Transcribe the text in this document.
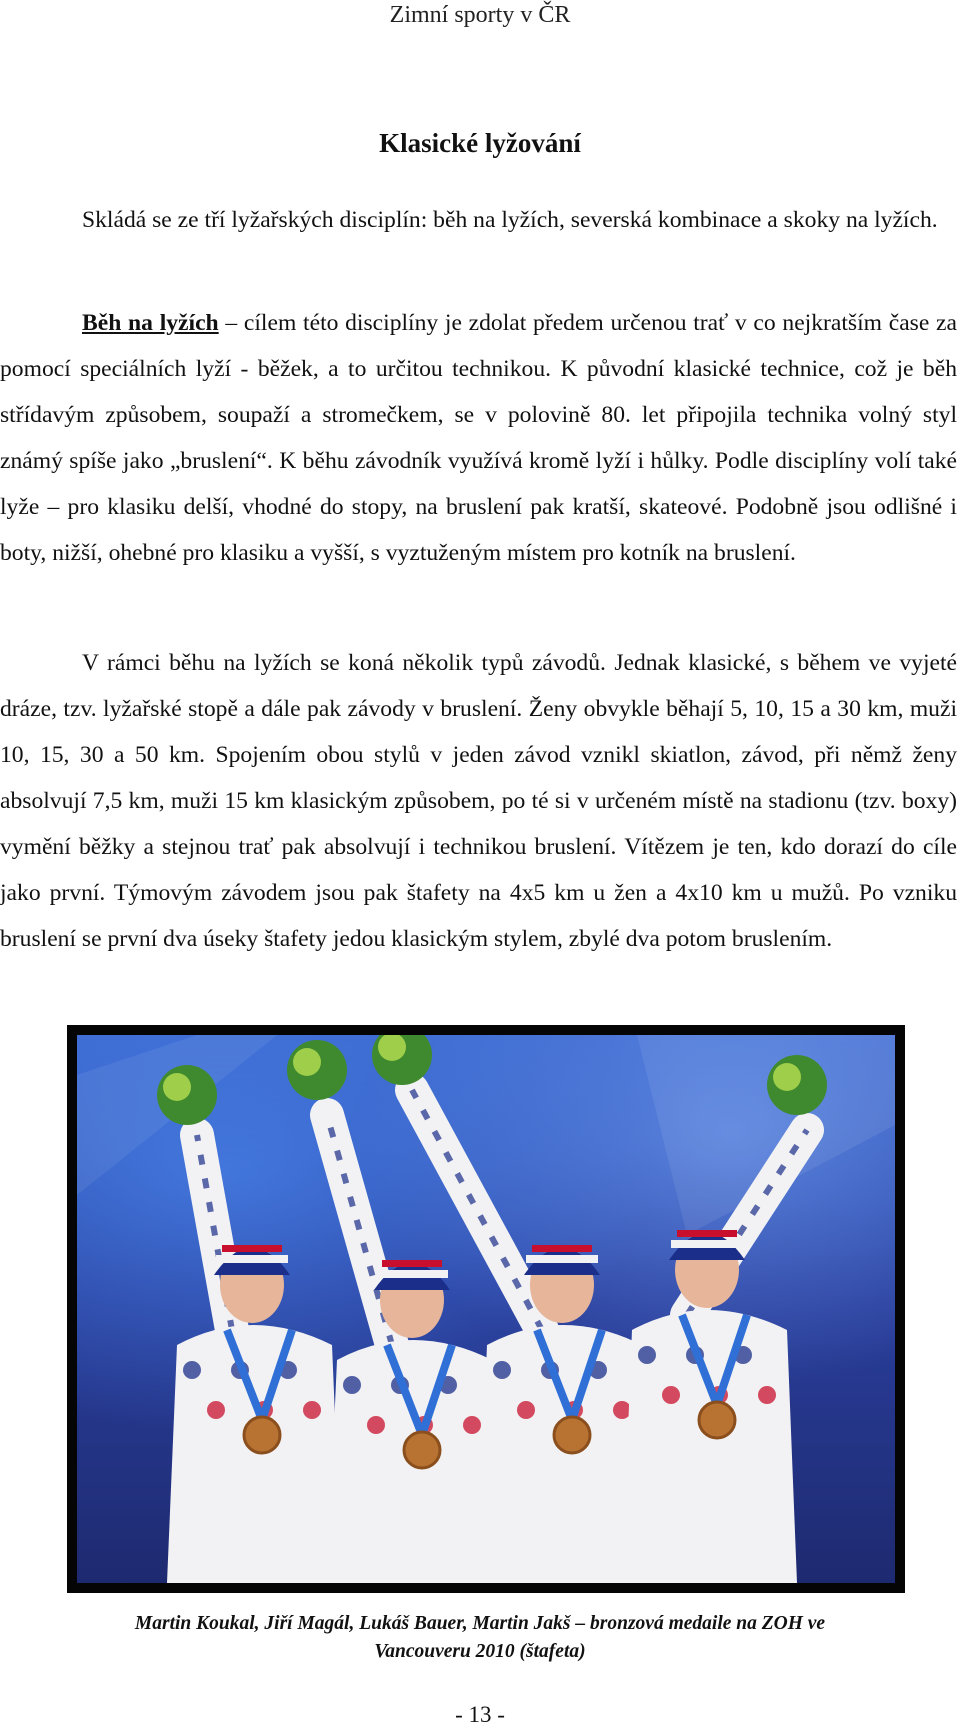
Zimní sporty v ČR
Klasické lyžování

Skládá se ze tří lyžařských disciplín: běh na lyžích, severská kombinace a skoky na lyžích.

Běh na lyžích – cílem této disciplíny je zdolat předem určenou trať v co nejkratším čase za pomocí speciálních lyží - běžek, a to určitou technikou. K původní klasické technice, což je běh střídavým způsobem, soupaží a stromečkem, se v polovině 80. let připojila technika volný styl známý spíše jako „bruslení“. K běhu závodník využívá kromě lyží i hůlky. Podle disciplíny volí také lyže – pro klasiku delší, vhodné do stopy, na bruslení pak kratší, skateové. Podobně jsou odlišné i boty, nižší, ohebné pro klasiku a vyšší, s vyztuženým místem pro kotník na bruslení.

V rámci běhu na lyžích se koná několik typů závodů. Jednak klasické, s během ve vyjeté dráze, tzv. lyžařské stopě a dále pak závody v bruslení. Ženy obvykle běhají 5, 10, 15 a 30 km, muži 10, 15, 30 a 50 km. Spojením obou stylů v jeden závod vznikl skiatlon, závod, při němž ženy absolvují 7,5 km, muži 15 km klasickým způsobem, po té si v určeném místě na stadionu (tzv. boxy) vymění běžky a stejnou trať pak absolvují i technikou bruslení. Vítězem je ten, kdo dorazí do cíle jako první. Týmovým závodem jsou pak štafety na 4x5 km u žen a 4x10 km u mužů. Po vzniku bruslení se první dva úseky štafety jedou klasickým stylem, zbylé dva potom bruslením.

Martin Koukal, Jiří Magál, Lukáš Bauer, Martin Jakš – bronzová medaile na ZOH ve Vancouveru 2010 (štafeta)
- 13 -
